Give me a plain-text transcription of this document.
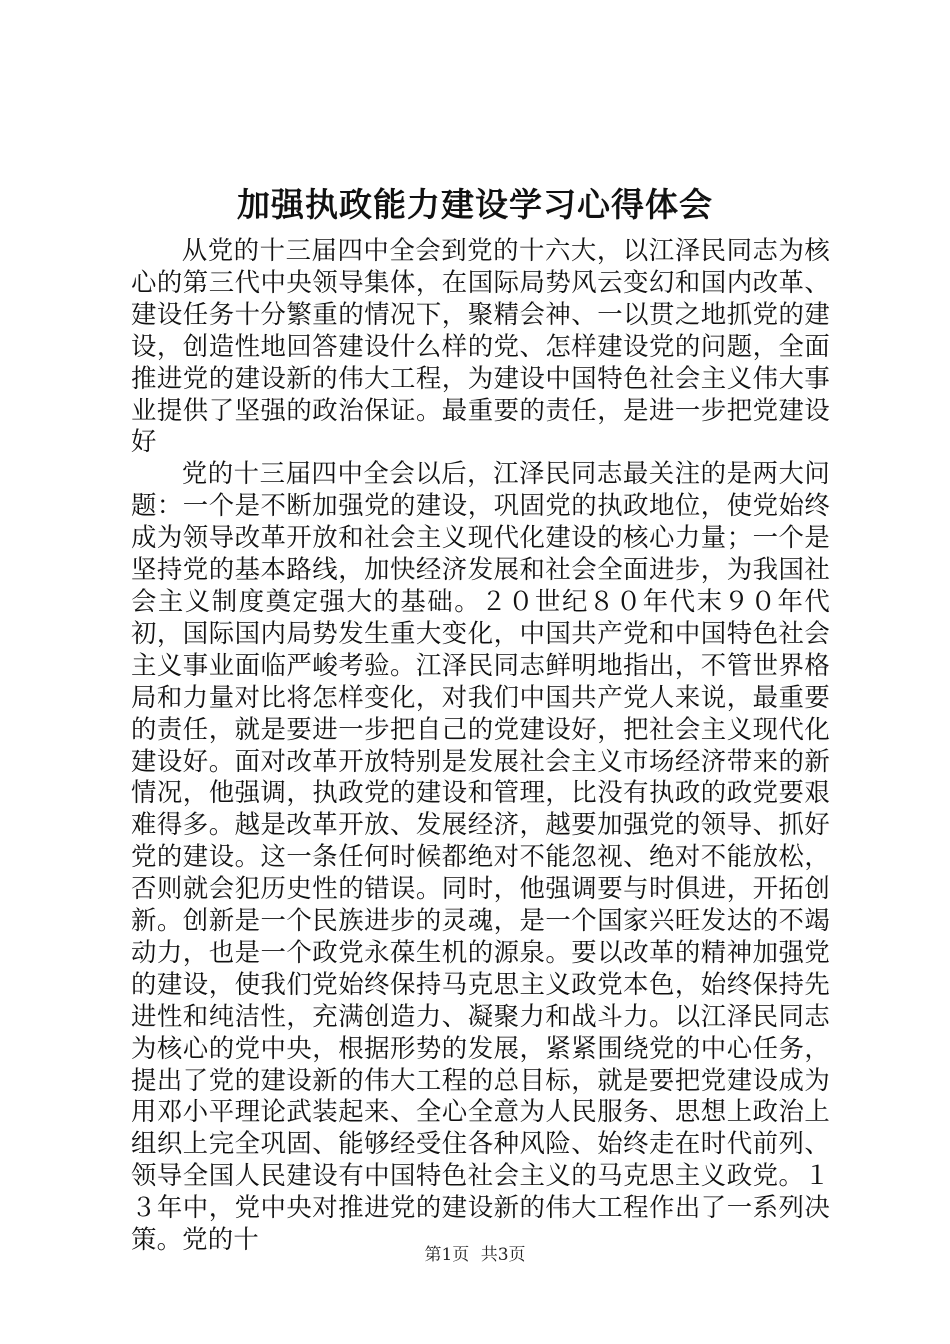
加强执政能力建设学习心得体会

从党的十三届四中全会到党的十六大，以江泽民同志为核心的第三代中央领导集体，在国际局势风云变幻和国内改革、建设任务十分繁重的情况下，聚精会神、一以贯之地抓党的建设，创造性地回答建设什么样的党、怎样建设党的问题，全面推进党的建设新的伟大工程，为建设中国特色社会主义伟大事业提供了坚强的政治保证。最重要的责任，是进一步把党建设好

党的十三届四中全会以后，江泽民同志最关注的是两大问题：一个是不断加强党的建设，巩固党的执政地位，使党始终成为领导改革开放和社会主义现代化建设的核心力量；一个是坚持党的基本路线，加快经济发展和社会全面进步，为我国社会主义制度奠定强大的基础。２０世纪８０年代末９０年代初，国际国内局势发生重大变化，中国共产党和中国特色社会主义事业面临严峻考验。江泽民同志鲜明地指出，不管世界格局和力量对比将怎样变化，对我们中国共产党人来说，最重要的责任，就是要进一步把自己的党建设好，把社会主义现代化建设好。面对改革开放特别是发展社会主义市场经济带来的新情况，他强调，执政党的建设和管理，比没有执政的政党要艰难得多。越是改革开放、发展经济，越要加强党的领导、抓好党的建设。这一条任何时候都绝对不能忽视、绝对不能放松，否则就会犯历史性的错误。同时，他强调要与时俱进，开拓创新。创新是一个民族进步的灵魂，是一个国家兴旺发达的不竭动力，也是一个政党永葆生机的源泉。要以改革的精神加强党的建设，使我们党始终保持马克思主义政党本色，始终保持先进性和纯洁性，充满创造力、凝聚力和战斗力。以江泽民同志为核心的党中央，根据形势的发展，紧紧围绕党的中心任务，提出了党的建设新的伟大工程的总目标，就是要把党建设成为用邓小平理论武装起来、全心全意为人民服务、思想上政治上组织上完全巩固、能够经受住各种风险、始终走在时代前列、领导全国人民建设有中国特色社会主义的马克思主义政党。１３年中，党中央对推进党的建设新的伟大工程作出了一系列决策。党的十

第1页 共3页
